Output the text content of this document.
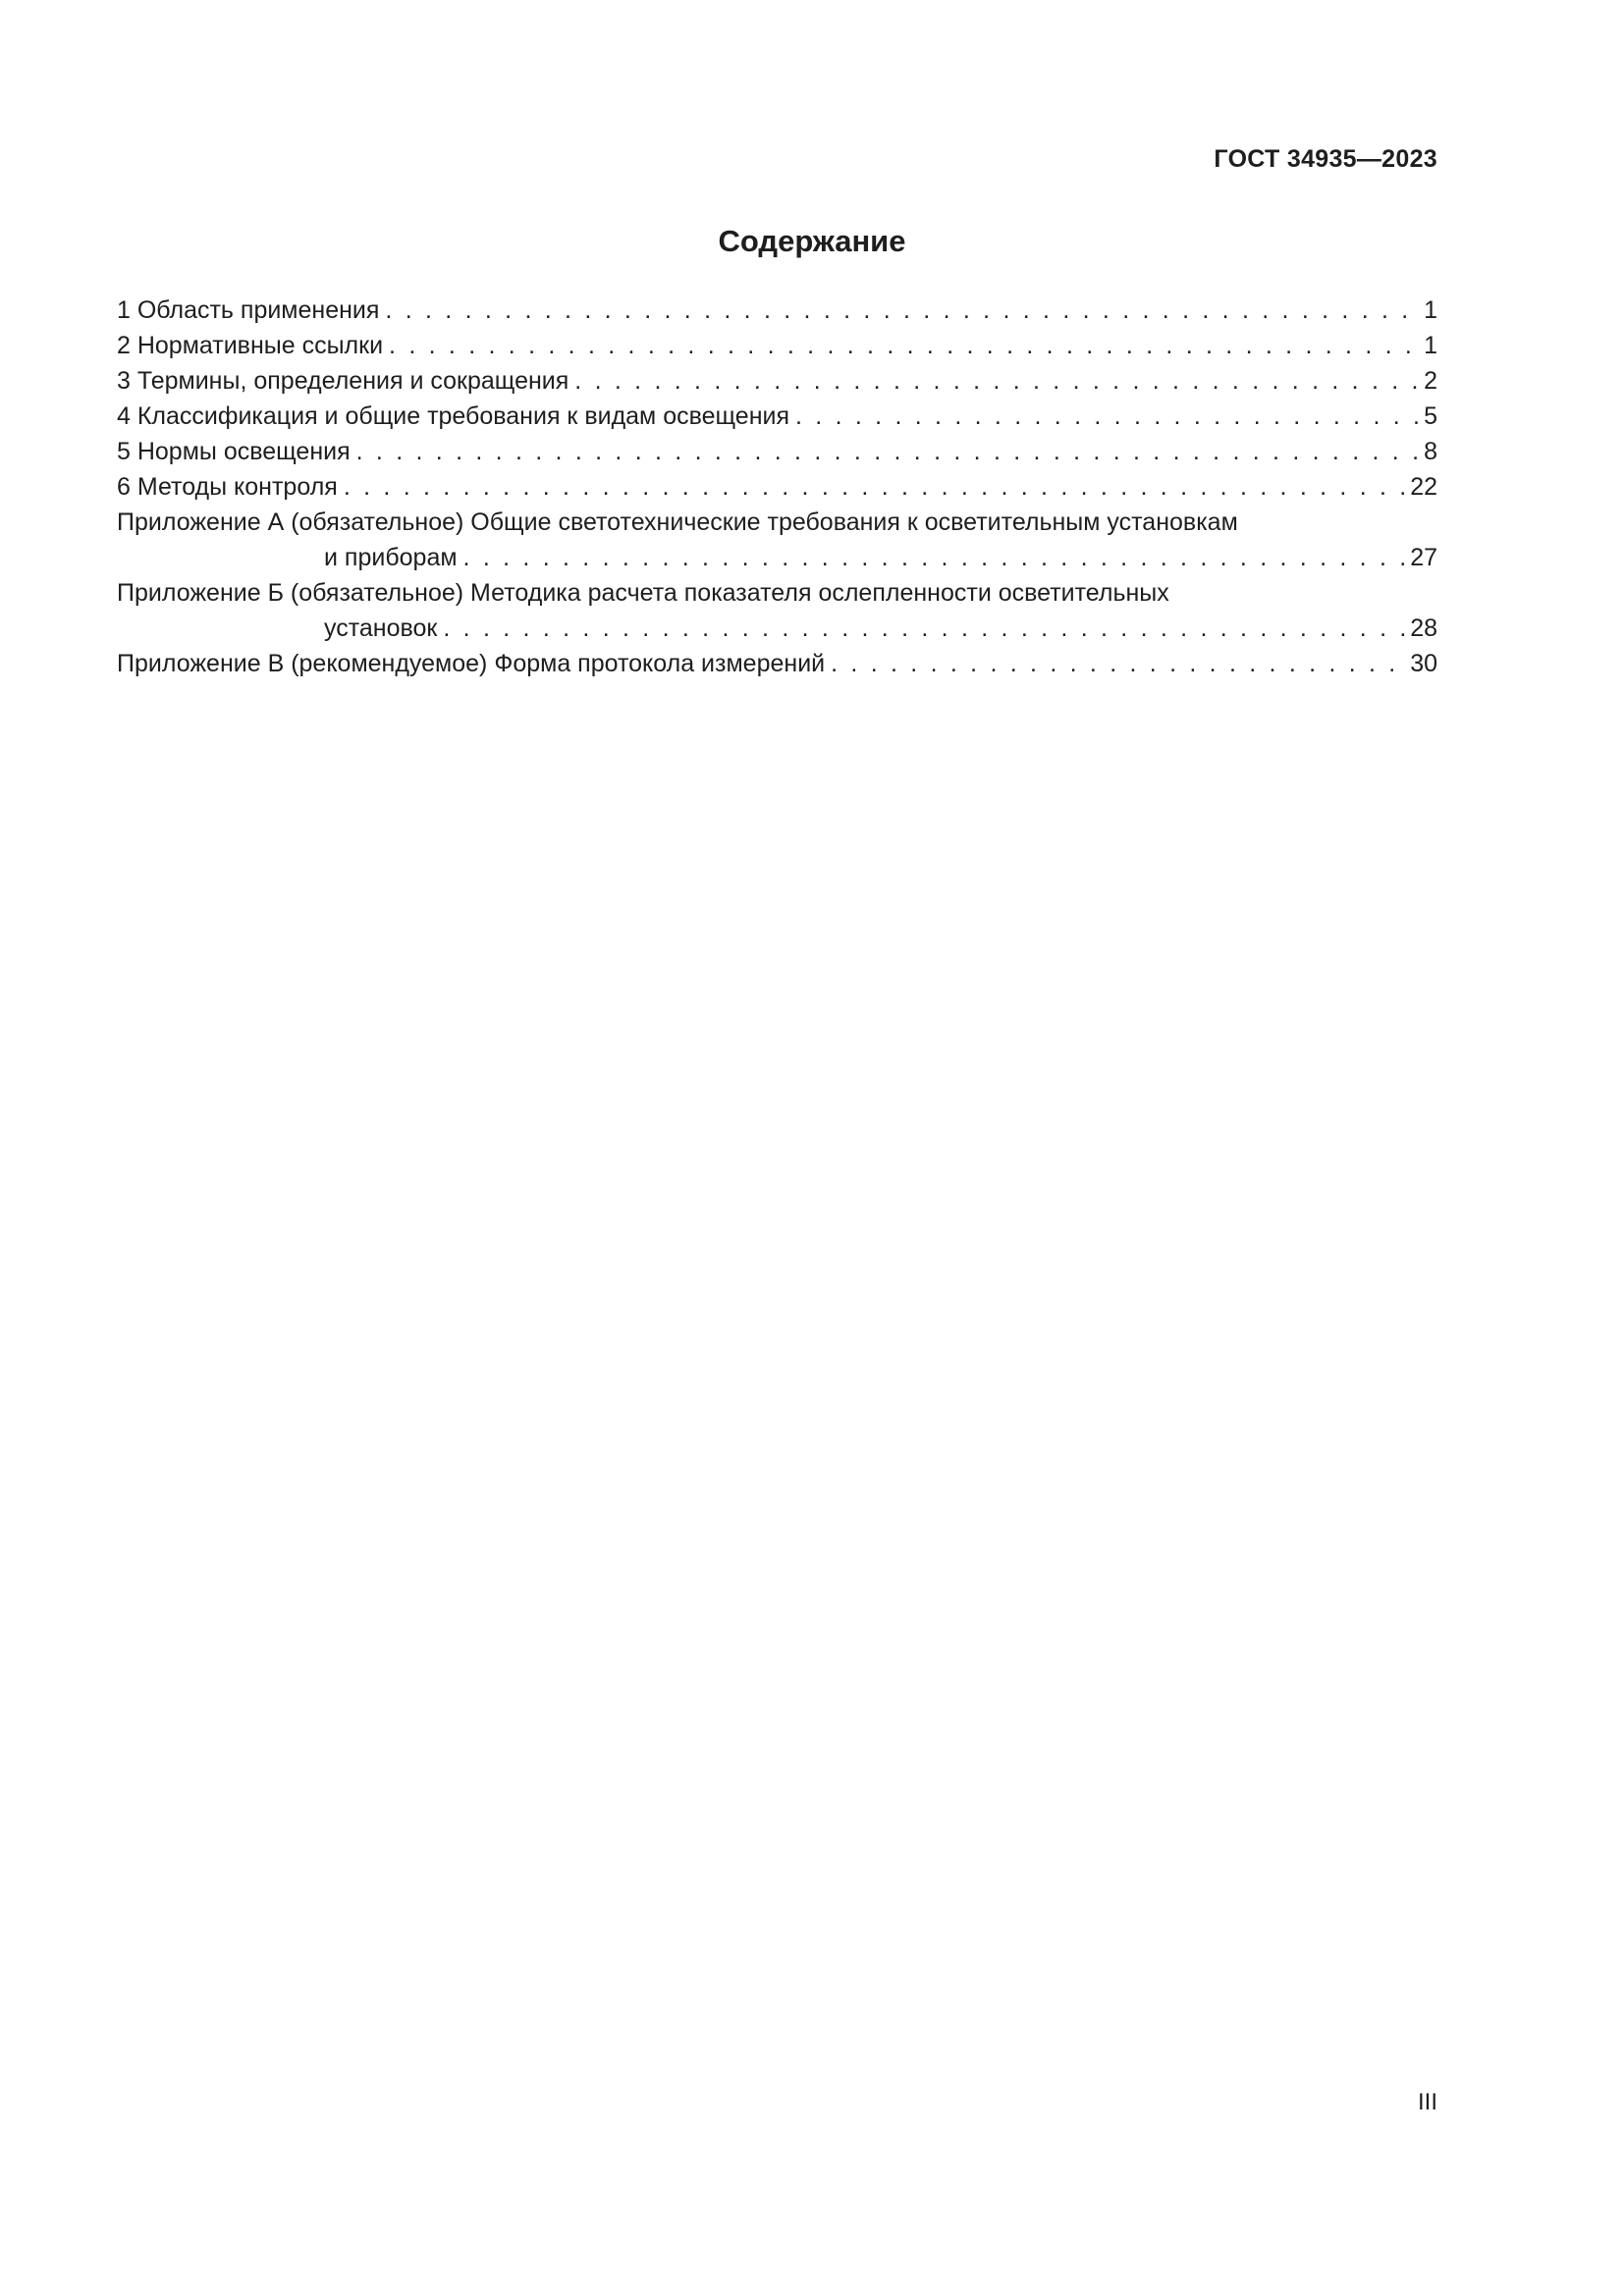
ГОСТ 34935—2023
Содержание
1 Область применения . . .	1
2 Нормативные ссылки . . .	1
3 Термины, определения и сокращения . . .	2
4 Классификация и общие требования к видам освещения . . .	5
5 Нормы освещения . . .	8
6 Методы контроля . . .	22
Приложение А (обязательное) Общие светотехнические требования к осветительным установкам
и приборам . . .	27
Приложение Б (обязательное) Методика расчета показателя ослепленности осветительных
установок . . .	28
Приложение В (рекомендуемое) Форма протокола измерений . . .	30
III
